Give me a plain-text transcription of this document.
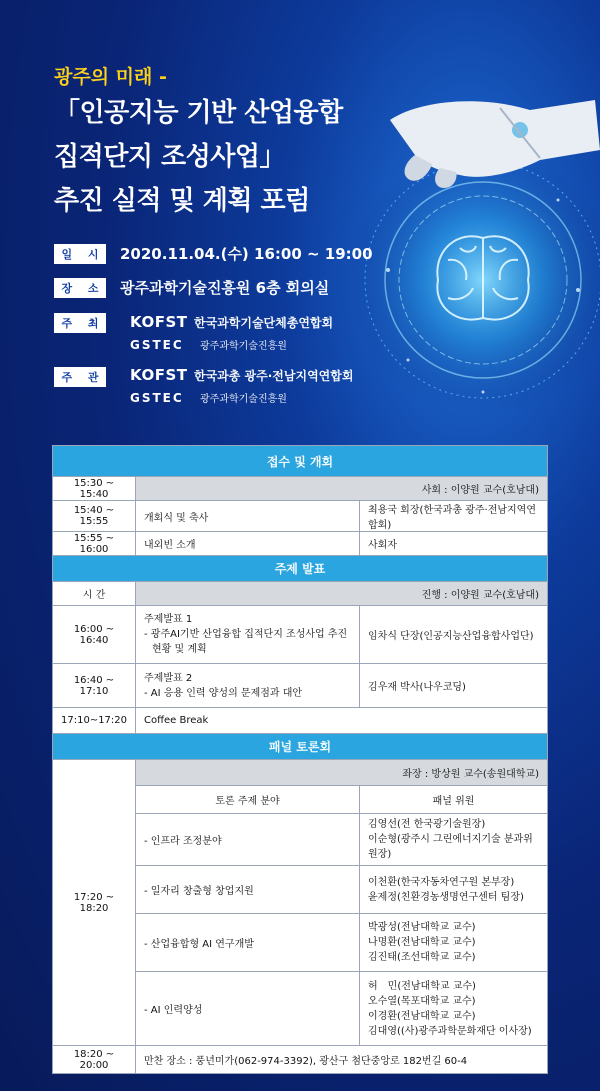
광주의 미래 -
「인공지능 기반 산업융합
집적단지 조성사업」
추진 실적 및 계획 포럼
일 시 2020.11.04.(수) 16:00 ~ 19:00
장 소 광주과학기술진흥원 6층 회의실
주 최 KOFST 한국과학기술단체총연합회
GSTEC	광주과학기술진흥원
주 관 KOFST 한국과총 광주·전남지역연합회
GSTEC	광주과학기술진흥원
접수 및 개회		
15:30 ~ 15:40	사회 : 이양원 교수(호남대)	
15:40 ~ 15:55	개회식 및 축사	최용국 회장(한국과총 광주·전남지역연합회)
15:55 ~ 16:00	내외빈 소개	사회자
주제 발표		
시 간	진행 : 이양원 교수(호남대)	
16:00 ~ 16:40	주제발표 1
- 광주AI기반 산업융합 집적단지 조성사업 추진
현황 및 계획	임차식 단장(인공지능산업융합사업단)
16:40 ~ 17:10	주제발표 2
- AI 응용 인력 양성의 문제점과 대안	김우재 박사(나우코딩)
17:10~17:20	Coffee Break	
패널 토론회		
17:20 ~ 18:20	좌장 : 방상원 교수(송원대학교)	
	토론 주제 분야	패널 위원
	- 인프라 조정분야	김영선(전 한국광기술원장)
이순형(광주시 그린에너지기술 분과위원장)

	- 일자리 창출형 창업지원	이천환(한국자동차연구원 본부장)
윤제정(친환경농생명연구센터 팀장)

	- 산업융합형 AI 연구개발	박광성(전남대학교 교수)
나명환(전남대학교 교수)
김진태(조선대학교 교수)

	- AI 인력양성	허　민(전남대학교 교수)
오수열(목포대학교 교수)
이경환(전남대학교 교수)
김대영((사)광주과학문화재단 이사장)

18:20 ~ 20:00	만찬 장소 : 풍년미가(062-974-3392), 광산구 첨단중앙로 182번길 60-4	
